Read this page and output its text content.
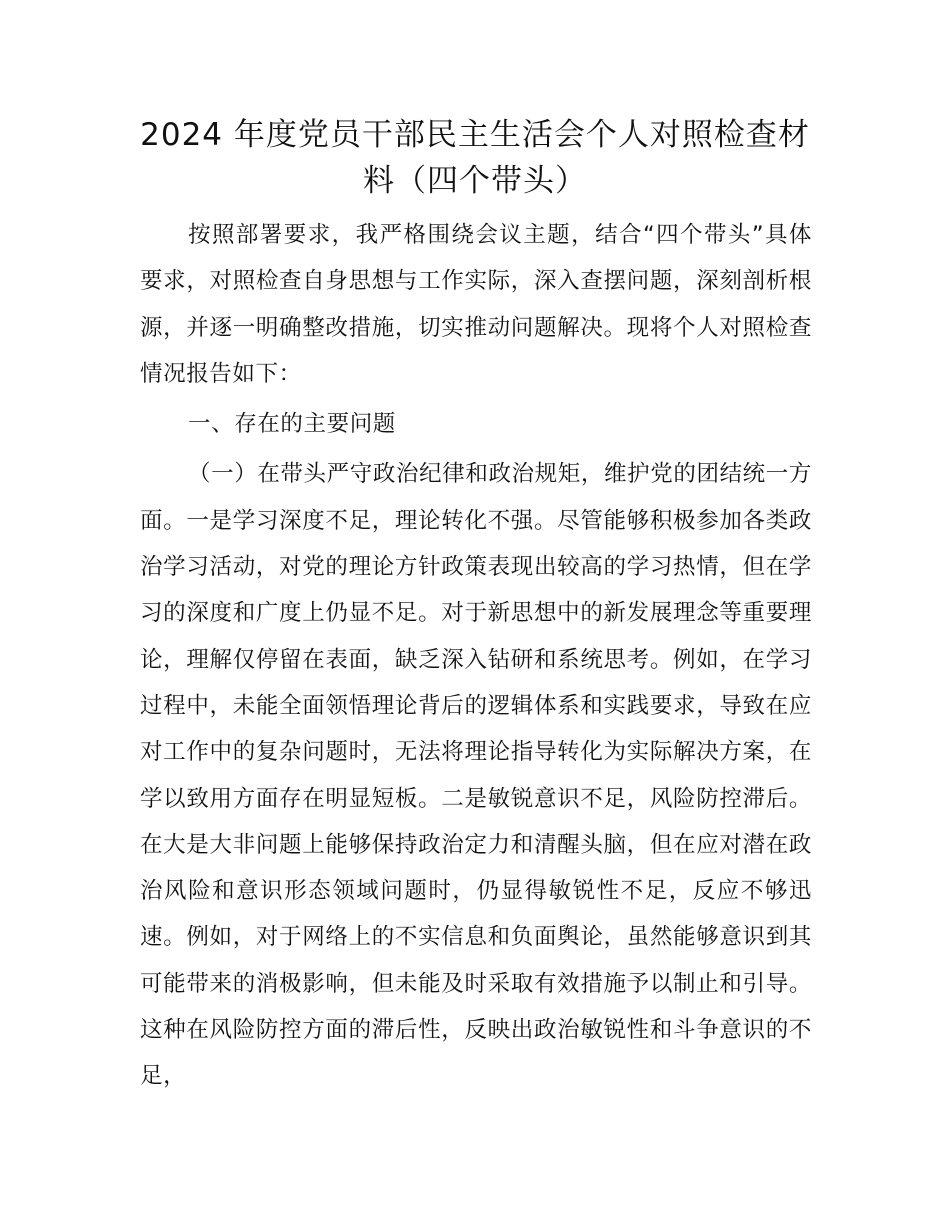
2024 年度党员干部民主生活会个人对照检查材料（四个带头）

按照部署要求，我严格围绕会议主题，结合“四个带头”具体要求，对照检查自身思想与工作实际，深入查摆问题，深刻剖析根源，并逐一明确整改措施，切实推动问题解决。现将个人对照检查情况报告如下：

一、存在的主要问题

（一）在带头严守政治纪律和政治规矩，维护党的团结统一方面。一是学习深度不足，理论转化不强。尽管能够积极参加各类政治学习活动，对党的理论方针政策表现出较高的学习热情，但在学习的深度和广度上仍显不足。对于新思想中的新发展理念等重要理论，理解仅停留在表面，缺乏深入钻研和系统思考。例如，在学习过程中，未能全面领悟理论背后的逻辑体系和实践要求，导致在应对工作中的复杂问题时，无法将理论指导转化为实际解决方案，在学以致用方面存在明显短板。二是敏锐意识不足，风险防控滞后。在大是大非问题上能够保持政治定力和清醒头脑，但在应对潜在政治风险和意识形态领域问题时，仍显得敏锐性不足，反应不够迅速。例如，对于网络上的不实信息和负面舆论，虽然能够意识到其可能带来的消极影响，但未能及时采取有效措施予以制止和引导。这种在风险防控方面的滞后性，反映出政治敏锐性和斗争意识的不足，
